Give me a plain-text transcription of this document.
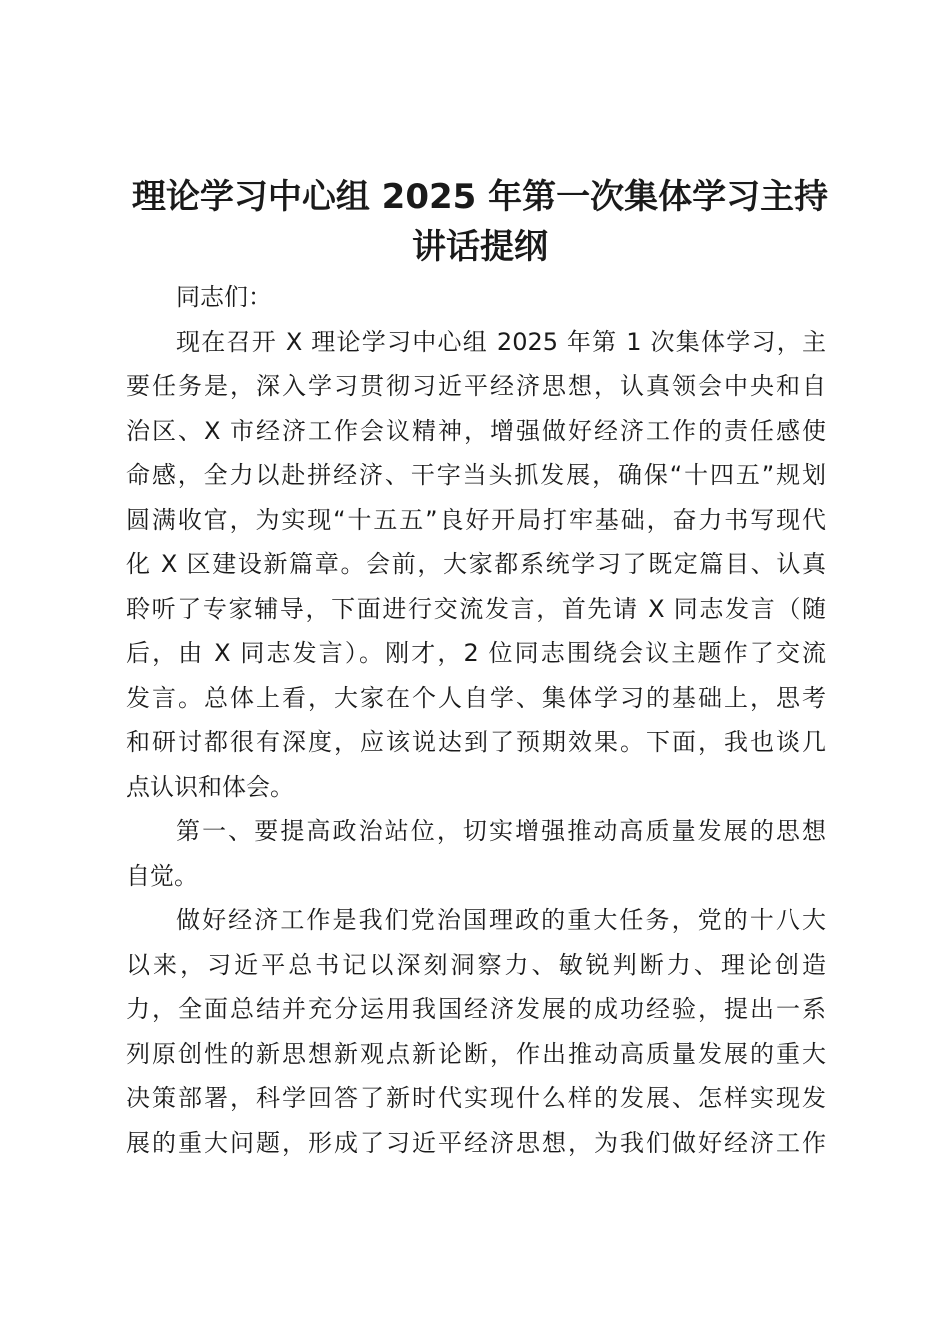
理论学习中心组 2025 年第一次集体学习主持
讲话提纲
同志们：
现在召开 X 理论学习中心组 2025 年第 1 次集体学习，主
要任务是，深入学习贯彻习近平经济思想，认真领会中央和自
治区、X 市经济工作会议精神，增强做好经济工作的责任感使
命感，全力以赴拼经济、干字当头抓发展，确保“十四五”规划
圆满收官，为实现“十五五”良好开局打牢基础，奋力书写现代
化 X 区建设新篇章。会前，大家都系统学习了既定篇目、认真
聆听了专家辅导，下面进行交流发言，首先请 X 同志发言（随
后，由 X 同志发言）。刚才，2 位同志围绕会议主题作了交流
发言。总体上看，大家在个人自学、集体学习的基础上，思考
和研讨都很有深度，应该说达到了预期效果。下面，我也谈几
点认识和体会。
第一、要提高政治站位，切实增强推动高质量发展的思想
自觉。
做好经济工作是我们党治国理政的重大任务，党的十八大
以来，习近平总书记以深刻洞察力、敏锐判断力、理论创造
力，全面总结并充分运用我国经济发展的成功经验，提出一系
列原创性的新思想新观点新论断，作出推动高质量发展的重大
决策部署，科学回答了新时代实现什么样的发展、怎样实现发
展的重大问题，形成了习近平经济思想，为我们做好经济工作
